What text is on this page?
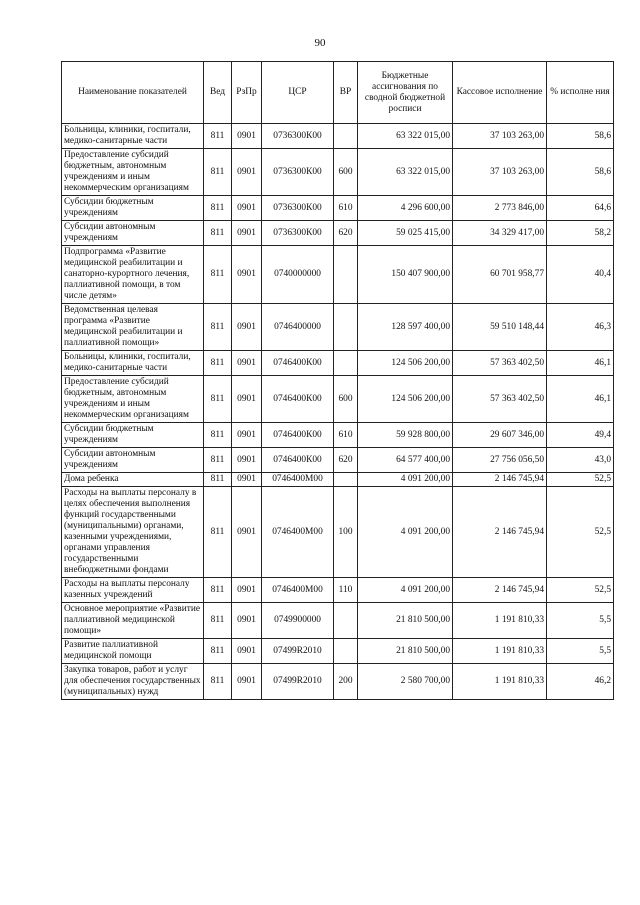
90
Наименование показателей	Вед	РзПр	ЦСР	ВР	Бюджетные ассигнования по сводной бюджетной росписи	Кассовое исполнение	% исполне ния
Больницы, клиники, госпитали, медико-санитарные части	811	0901	0736300К00		63 322 015,00	37 103 263,00	58,6
Предоставление субсидий бюджетным, автономным учреждениям и иным некоммерческим организациям	811	0901	0736300К00	600	63 322 015,00	37 103 263,00	58,6
Субсидии бюджетным учреждениям	811	0901	0736300К00	610	4 296 600,00	2 773 846,00	64,6
Субсидии автономным учреждениям	811	0901	0736300К00	620	59 025 415,00	34 329 417,00	58,2
Подпрограмма «Развитие медицинской реабилитации и санаторно-курортного лечения, паллиативной помощи, в том числе детям»	811	0901	0740000000		150 407 900,00	60 701 958,77	40,4
Ведомственная целевая программа «Развитие медицинской реабилитации и паллиативной помощи»	811	0901	0746400000		128 597 400,00	59 510 148,44	46,3
Больницы, клиники, госпитали, медико-санитарные части	811	0901	0746400К00		124 506 200,00	57 363 402,50	46,1
Предоставление субсидий бюджетным, автономным учреждениям и иным некоммерческим организациям	811	0901	0746400К00	600	124 506 200,00	57 363 402,50	46,1
Субсидии бюджетным учреждениям	811	0901	0746400К00	610	59 928 800,00	29 607 346,00	49,4
Субсидии автономным учреждениям	811	0901	0746400К00	620	64 577 400,00	27 756 056,50	43,0
Дома ребенка	811	0901	0746400М00		4 091 200,00	2 146 745,94	52,5
Расходы на выплаты персоналу в целях обеспечения выполнения функций государственными (муниципальными) органами, казенными учреждениями, органами управления государственными внебюджетными фондами	811	0901	0746400М00	100	4 091 200,00	2 146 745,94	52,5
Расходы на выплаты персоналу казенных учреждений	811	0901	0746400М00	110	4 091 200,00	2 146 745,94	52,5
Основное мероприятие «Развитие паллиативной медицинской помощи»	811	0901	0749900000		21 810 500,00	1 191 810,33	5,5
Развитие паллиативной медицинской помощи	811	0901	07499R2010		21 810 500,00	1 191 810,33	5,5
Закупка товаров, работ и услуг для обеспечения государственных (муниципальных) нужд	811	0901	07499R2010	200	2 580 700,00	1 191 810,33	46,2
